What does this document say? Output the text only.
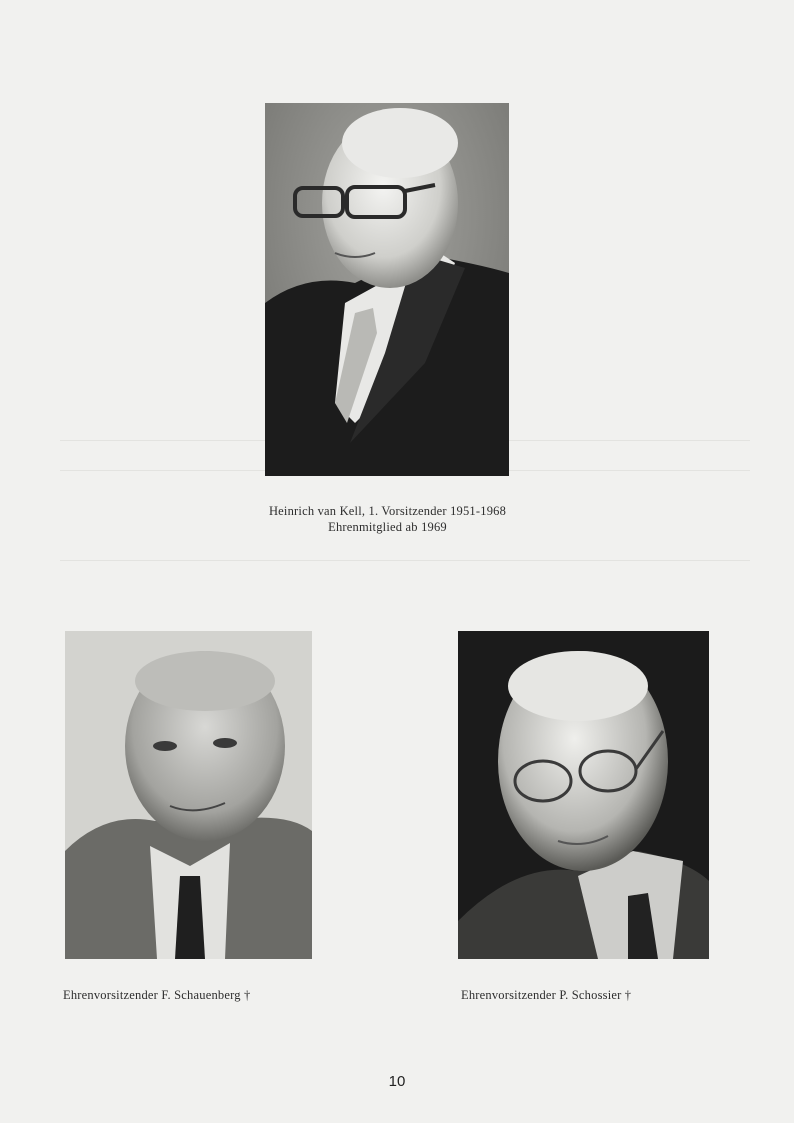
Heinrich van Kell, 1. Vorsitzender 1951-1968
Ehrenmitglied ab 1969
Ehrenvorsitzender F. Schauenberg †	Ehrenvorsitzender P. Schossier †
10
